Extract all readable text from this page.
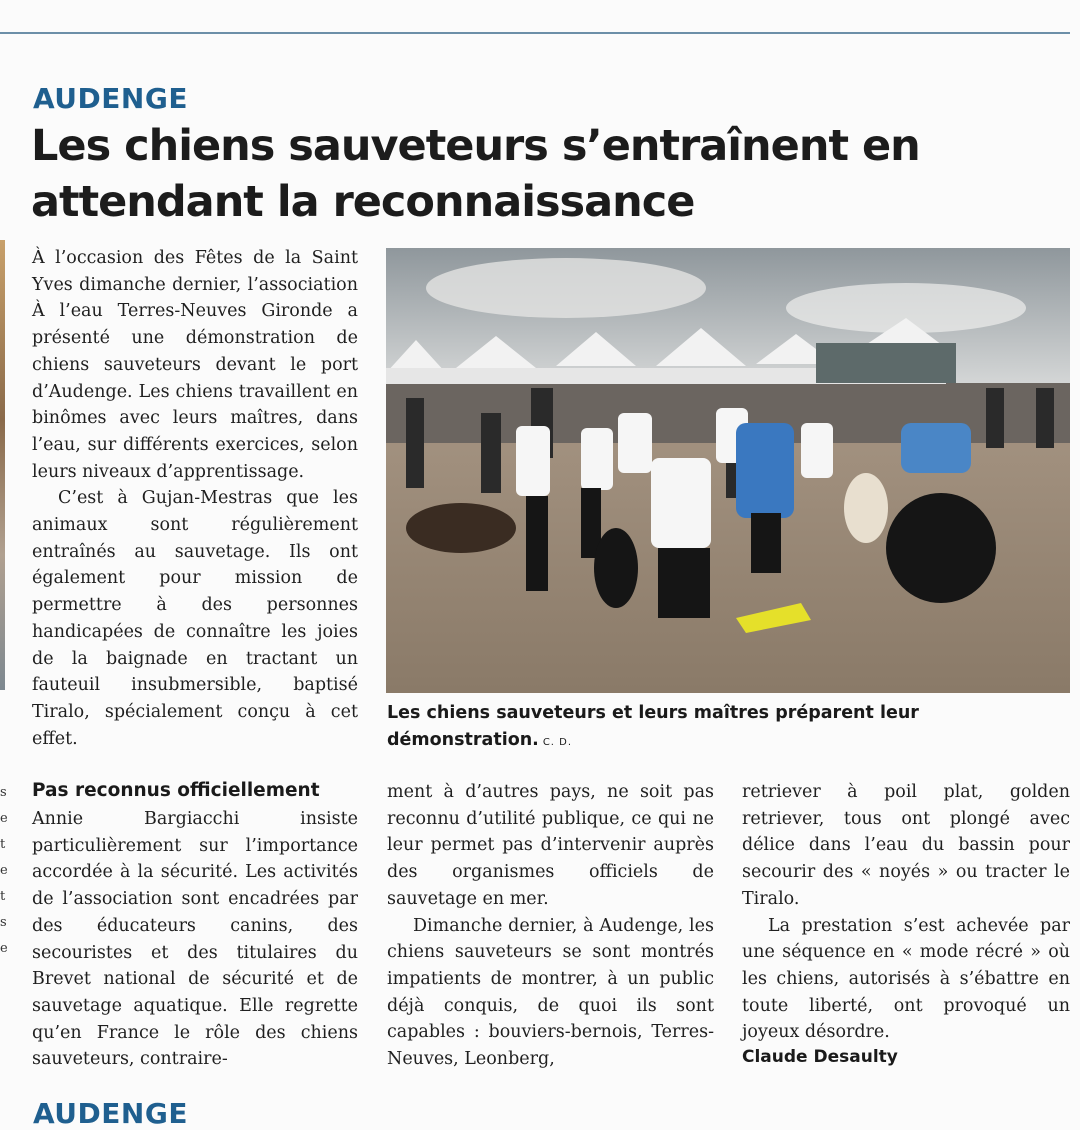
s e t e t s e
AUDENGE
Les chiens sauveteurs s’entraînent en attendant la reconnaissance

À l’occasion des Fêtes de la Saint Yves dimanche dernier, l’association À l’eau Terres-Neuves Gironde a présenté une démonstration de chiens sauveteurs devant le port d’Audenge. Les chiens travaillent en binômes avec leurs maîtres, dans l’eau, sur différents exercices, selon leurs niveaux d’apprentissage.

C’est à Gujan-Mestras que les animaux sont régulièrement entraînés au sauvetage. Ils ont également pour mission de permettre à des personnes handicapées de connaître les joies de la baignade en tractant un fauteuil insubmersible, baptisé Tiralo, spécialement conçu à cet effet.

Les chiens sauveteurs et leurs maîtres préparent leur démonstration. C. D.
Pas reconnus officiellement

Annie Bargiacchi insiste particulièrement sur l’importance accordée à la sécurité. Les activités de l’association sont encadrées par des éducateurs canins, des secouristes et des titulaires du Brevet national de sécurité et de sauvetage aquatique. Elle regrette qu’en France le rôle des chiens sauveteurs, contraire-

ment à d’autres pays, ne soit pas reconnu d’utilité publique, ce qui ne leur permet pas d’intervenir auprès des organismes officiels de sauvetage en mer.

Dimanche dernier, à Audenge, les chiens sauveteurs se sont montrés impatients de montrer, à un public déjà conquis, de quoi ils sont capables : bouviers-bernois, Terres-Neuves, Leonberg,

retriever à poil plat, golden retriever, tous ont plongé avec délice dans l’eau du bassin pour secourir des « noyés » ou tracter le Tiralo.

La prestation s’est achevée par une séquence en « mode récré » où les chiens, autorisés à s’ébattre en toute liberté, ont provoqué un joyeux désordre.

Claude Desaulty
AUDENGE
